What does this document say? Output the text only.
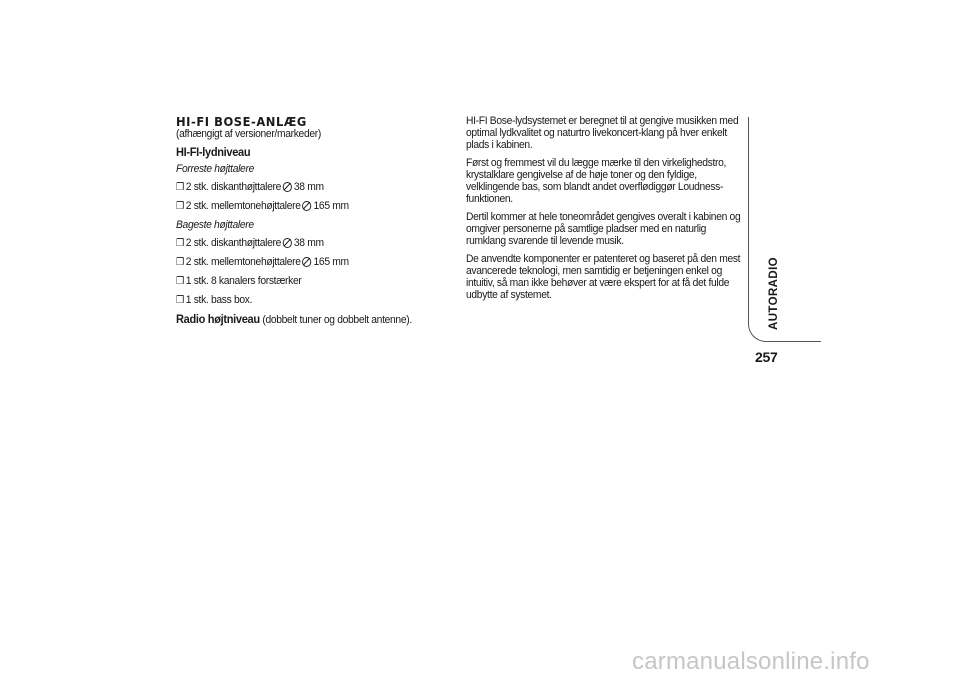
HI-FI BOSE-ANLÆG
(afhængigt af versioner/markeder)
HI-FI-lydniveau
Forreste højttalere
❒ 2 stk. diskanthøjttalere 38 mm
❒ 2 stk. mellemtonehøjttalere 165 mm
Bageste højttalere
❒ 2 stk. diskanthøjttalere 38 mm
❒ 2 stk. mellemtonehøjttalere 165 mm
❒ 1 stk. 8 kanalers forstærker
❒ 1 stk. bass box.
Radio højtniveau (dobbelt tuner og dobbelt antenne).
HI-FI Bose-lydsystemet er beregnet til at gengive musikken med optimal lydkvalitet og naturtro livekoncert-klang på hver enkelt plads i kabinen.
Først og fremmest vil du lægge mærke til den virkelighedstro, krystalklare gengivelse af de høje toner og den fyldige, velklingende bas, som blandt andet overflødiggør Loudness-funktionen.
Dertil kommer at hele toneområdet gengives overalt i kabinen og omgiver personerne på samtlige pladser med en naturlig rumklang svarende til levende musik.
De anvendte komponenter er patenteret og baseret på den mest avancerede teknologi, men samtidig er betjeningen enkel og intuitiv, så man ikke behøver at være ekspert for at få det fulde udbytte af systemet.	AUTORADIO
257
carmanualsonline.info
